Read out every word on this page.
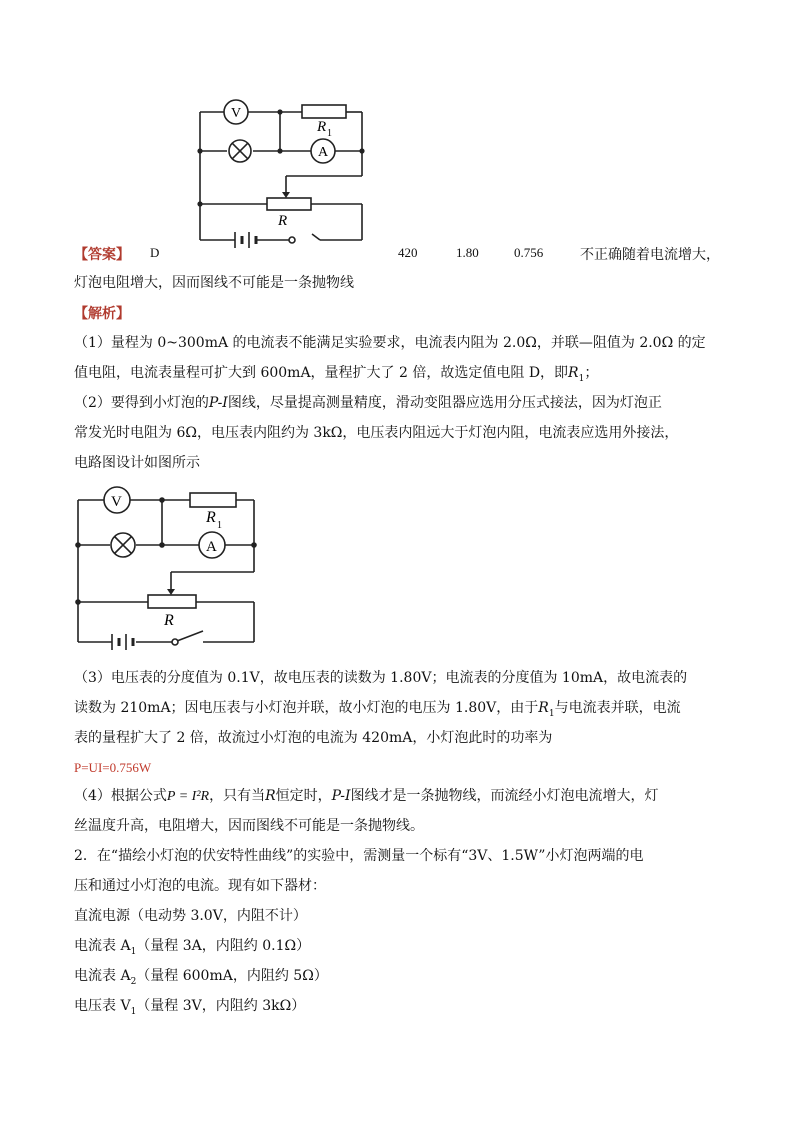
V
A
R 1
R
【答案】 D	420	1.80	0.756	不正确随着电流增大，
灯泡电阻增大，因而图线不可能是一条抛物线
【解析】
（1）量程为 0~300mA 的电流表不能满足实验要求，电流表内阻为 2.0Ω，并联—阻值为 2.0Ω 的定
值电阻，电流表量程可扩大到 600mA，量程扩大了 2 倍，故选定值电阻 D，即$R_1$；
（2）要得到小灯泡的P-I图线，尽量提高测量精度，滑动变阻器应选用分压式接法，因为灯泡正
常发光时电阻为 6Ω，电压表内阻约为 3kΩ，电压表内阻远大于灯泡内阻，电流表应选用外接法，
电路图设计如图所示
V
A
R 1
R
（3）电压表的分度值为 0.1V，故电压表的读数为 1.80V；电流表的分度值为 10mA，故电流表的
读数为 210mA；因电压表与小灯泡并联，故小灯泡的电压为 1.80V，由于$R_1$与电流表并联，电流
表的量程扩大了 2 倍，故流过小灯泡的电流为 420mA，小灯泡此时的功率为
P=UI=0.756W
（4）根据公式P = I²R，只有当R恒定时，P-I图线才是一条抛物线，而流经小灯泡电流增大，灯
丝温度升高，电阻增大，因而图线不可能是一条抛物线。
2．在“描绘小灯泡的伏安特性曲线”的实验中，需测量一个标有“3V、1.5W”小灯泡两端的电
压和通过小灯泡的电流。现有如下器材：
直流电源（电动势 3.0V，内阻不计）
电流表 $A_1$（量程 3A，内阻约 0.1Ω）
电流表 $A_2$（量程 600mA，内阻约 5Ω）
电压表 $V_1$（量程 3V，内阻约 3kΩ）
